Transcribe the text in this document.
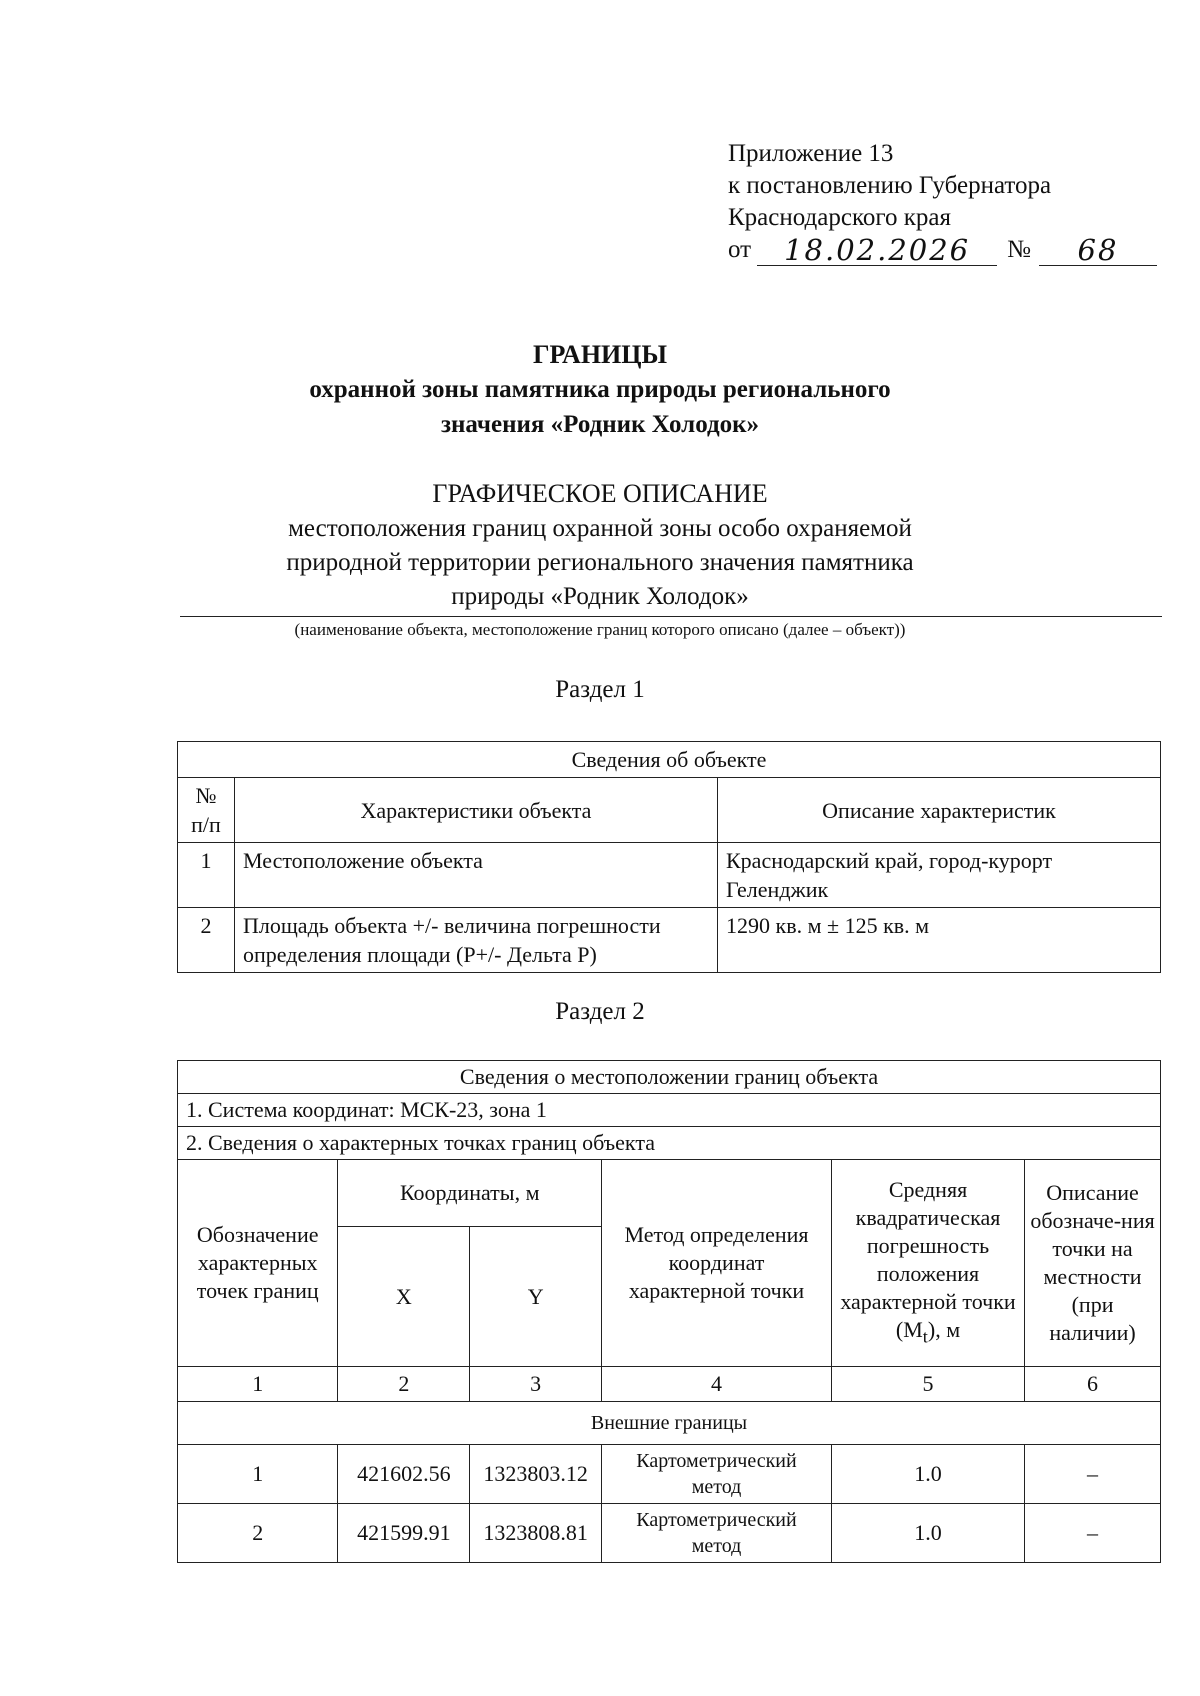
Приложение 13
к постановлению Губернатора
Краснодарского края
от	18.02.2026	№	68
ГРАНИЦЫ
охранной зоны памятника природы регионального
значения «Родник Холодок»
ГРАФИЧЕСКОЕ ОПИСАНИЕ
местоположения границ охранной зоны особо охраняемой
природной территории регионального значения памятника
природы «Родник Холодок»
(наименование объекта, местоположение границ которого описано (далее – объект))
Раздел 1
Сведения об объекте		
№ п/п	Характеристики объекта	Описание характеристик
1	Местоположение объекта	Краснодарский край, город-курорт Геленджик
2	Площадь объекта +/- величина погрешности определения площади (P+/- Дельта P)	1290 кв. м ± 125 кв. м
Раздел 2
Сведения о местоположении границ объекта					
1. Система координат: МСК-23, зона 1					
2. Сведения о характерных точках границ объекта					
Обозначение характерных точек границ	Координаты, м		Метод определения координат характерной точки	Средняя квадратическая погрешность положения характерной точки $(M_t)$, м	Описание обозначе-ния точки на местности (при наличии)
	X	Y			
1	2	3	4	5	6
Внешние границы					
1	421602.56	1323803.12	Картометрический метод	1.0	–
2	421599.91	1323808.81	Картометрический метод	1.0	–
